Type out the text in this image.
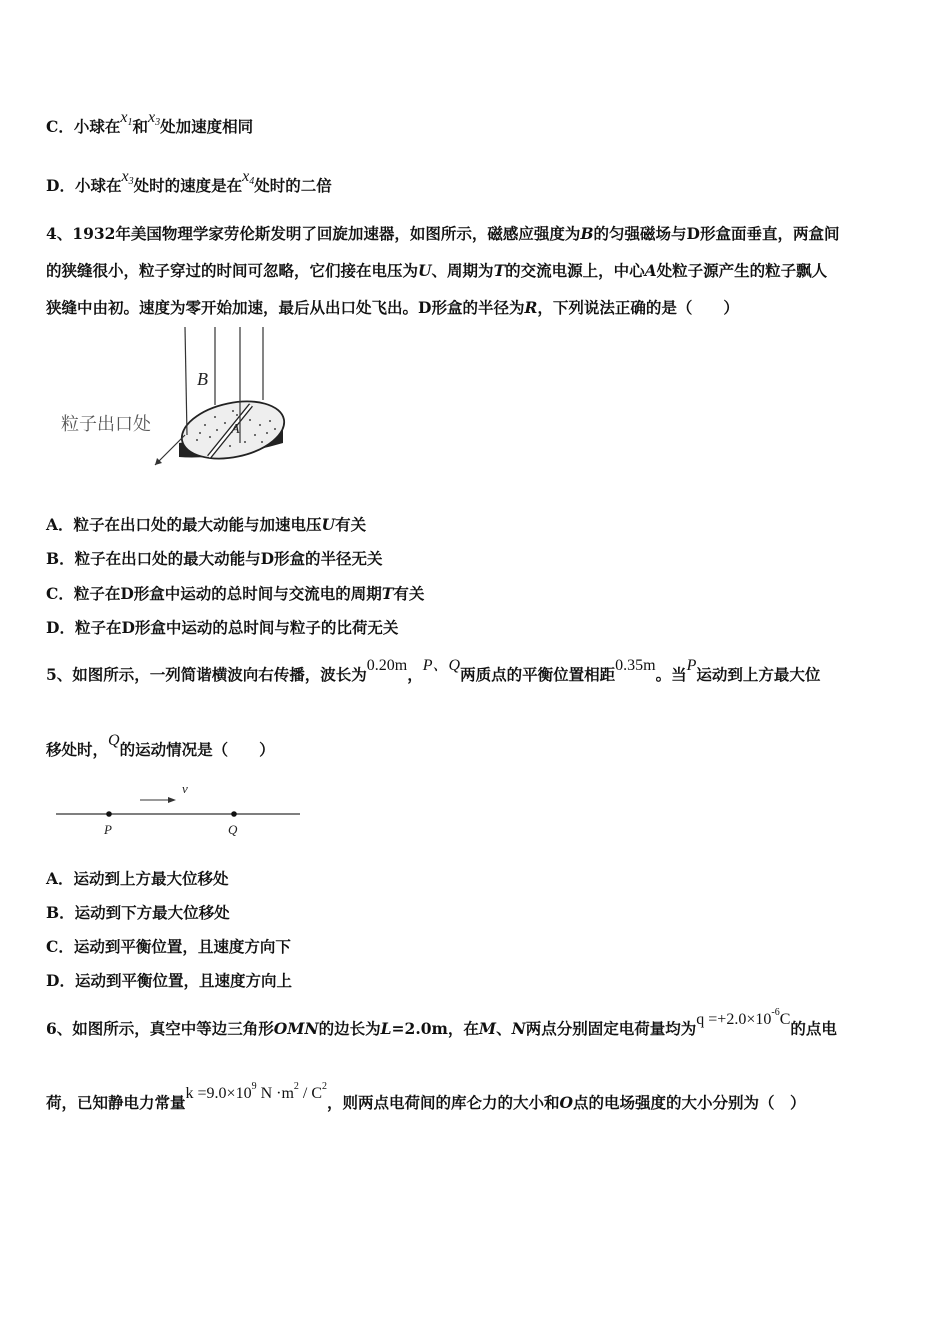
C．小球在$x_1$和$x_3$处加速度相同
D．小球在$x_3$处时的速度是在$x_4$处时的二倍
4、1932年美国物理学家劳伦斯发明了回旋加速器，如图所示，磁感应强度为B的匀强磁场与D形盒面垂直，两盒间
的狭缝很小，粒子穿过的时间可忽略，它们接在电压为U、周期为T的交流电源上，中心A处粒子源产生的粒子飘人
狭缝中由初。速度为零开始加速，最后从出口处飞出。D形盒的半径为R，下列说法正确的是（　　）
B
粒子出口处	A
A．粒子在出口处的最大动能与加速电压U有关
B．粒子在出口处的最大动能与D形盒的半径无关
C．粒子在D形盒中运动的总时间与交流电的周期T有关
D．粒子在D形盒中运动的总时间与粒子的比荷无关
5、如图所示，一列简谐横波向右传播，波长为0.20m，P、Q两质点的平衡位置相距0.35m。当P运动到上方最大位
移处时，Q的运动情况是（　　）
v
P	Q
A．运动到上方最大位移处
B．运动到下方最大位移处
C．运动到平衡位置，且速度方向下
D．运动到平衡位置，且速度方向上
6、如图所示，真空中等边三角形OMN的边长为L=2.0m，在M、N两点分别固定电荷量均为$q =+2.0\times 10^{-6}C$的点电
荷，已知静电力常量$k =9.0\times 10^9$ $N \cdot m^2 / C^2$，则两点电荷间的库仑力的大小和O点的电场强度的大小分别为（　）
